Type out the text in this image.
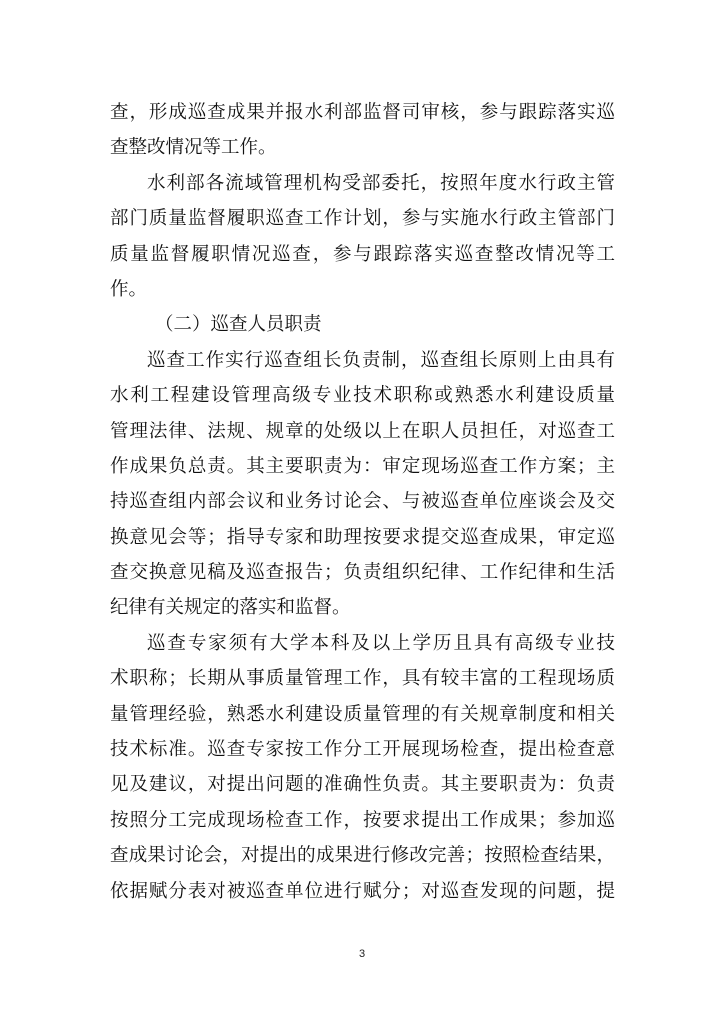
查，形成巡查成果并报水利部监督司审核，参与跟踪落实巡
查整改情况等工作。
水利部各流域管理机构受部委托，按照年度水行政主管
部门质量监督履职巡查工作计划，参与实施水行政主管部门
质量监督履职情况巡查，参与跟踪落实巡查整改情况等工
作。
（二）巡查人员职责
巡查工作实行巡查组长负责制，巡查组长原则上由具有
水利工程建设管理高级专业技术职称或熟悉水利建设质量
管理法律、法规、规章的处级以上在职人员担任，对巡查工
作成果负总责。其主要职责为：审定现场巡查工作方案；主
持巡查组内部会议和业务讨论会、与被巡查单位座谈会及交
换意见会等；指导专家和助理按要求提交巡查成果，审定巡
查交换意见稿及巡查报告；负责组织纪律、工作纪律和生活
纪律有关规定的落实和监督。
巡查专家须有大学本科及以上学历且具有高级专业技
术职称；长期从事质量管理工作，具有较丰富的工程现场质
量管理经验，熟悉水利建设质量管理的有关规章制度和相关
技术标准。巡查专家按工作分工开展现场检查，提出检查意
见及建议，对提出问题的准确性负责。其主要职责为：负责
按照分工完成现场检查工作，按要求提出工作成果；参加巡
查成果讨论会，对提出的成果进行修改完善；按照检查结果，
依据赋分表对被巡查单位进行赋分；对巡查发现的问题，提
3
